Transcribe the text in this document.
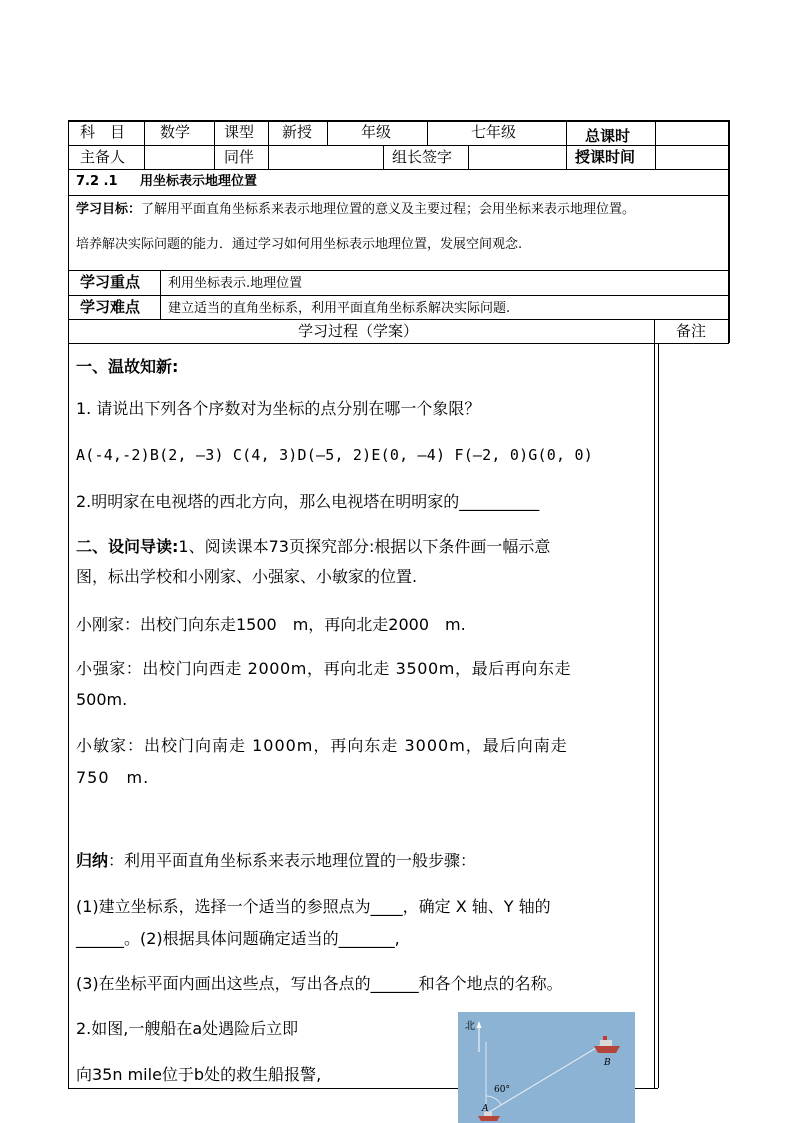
科　目 数学 课型 新授	年级	七年级	总课时
主备人	同伴	组长签字	授课时间
7.2 .1 用坐标表示地理位置
学习目标：了解用平面直角坐标系来表示地理位置的意义及主要过程；会用坐标来表示地理位置。
培养解决实际问题的能力．通过学习如何用坐标表示地理位置，发展空间观念.
学习重点 利用坐标表示.地理位置
学习难点 建立适当的直角坐标系，利用平面直角坐标系解决实际问题.
学习过程（学案）	备注
一、温故知新:
1. 请说出下列各个序数对为坐标的点分别在哪一个象限？
A(-4,-2)B(2, —3) C(4, 3)D(—5, 2)E(0, —4) F(—2, 0)G(0, 0)
2.明明家在电视塔的西北方向，那么电视塔在明明家的__________
二、设问导读:1、阅读课本73页探究部分:根据以下条件画一幅示意
图，标出学校和小刚家、小强家、小敏家的位置.
小刚家：出校门向东走1500　m，再向北走2000　m.
小强家：出校门向西走 2000m，再向北走 3500m，最后再向东走
500m.
小敏家：出校门向南走 1000m，再向东走 3000m，最后向南走
750　m.
归纳：利用平面直角坐标系来表示地理位置的一般步骤：
(1)建立坐标系，选择一个适当的参照点为____，确定 X 轴、Y 轴的
______。(2)根据具体问题确定适当的_______,
(3)在坐标平面内画出这些点，写出各点的______和各个地点的名称。
2.如图,一艘船在a处遇险后立即
向35n mile位于b处的救生船报警,
北
60°
B
A
